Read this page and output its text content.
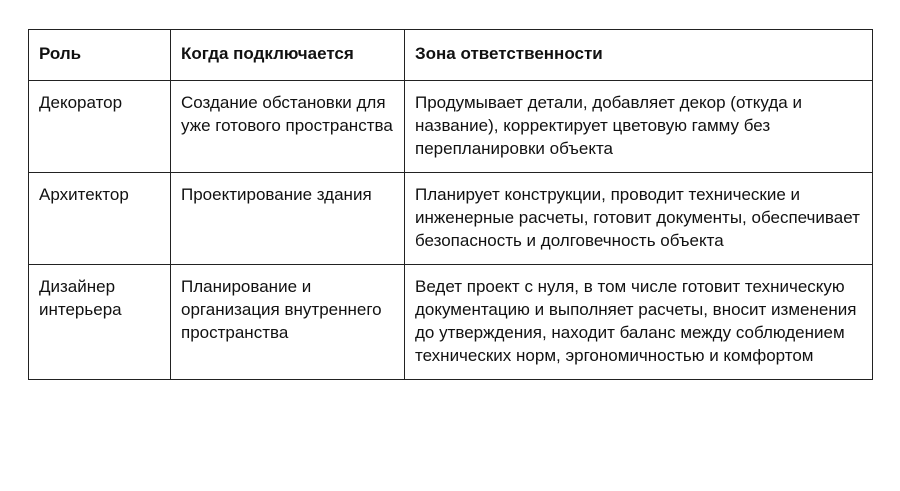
Роль	Когда подключается	Зона ответственности

Декоратор	Создание обстановки для уже готового пространства	Продумывает детали, добавляет декор (откуда и название), корректирует цветовую гамму без перепланировки объекта

Архитектор	Проектирование здания	Планирует конструкции, проводит технические и инженерные расчеты, готовит документы, обеспечивает безопасность и долговечность объекта

Дизайнер интерьера	Планирование и организация внутреннего пространства	Ведет проект с нуля, в том числе готовит техническую документацию и выполняет расчеты, вносит изменения до утверждения, находит баланс между соблюдением технических норм, эргономичностью и комфортом
